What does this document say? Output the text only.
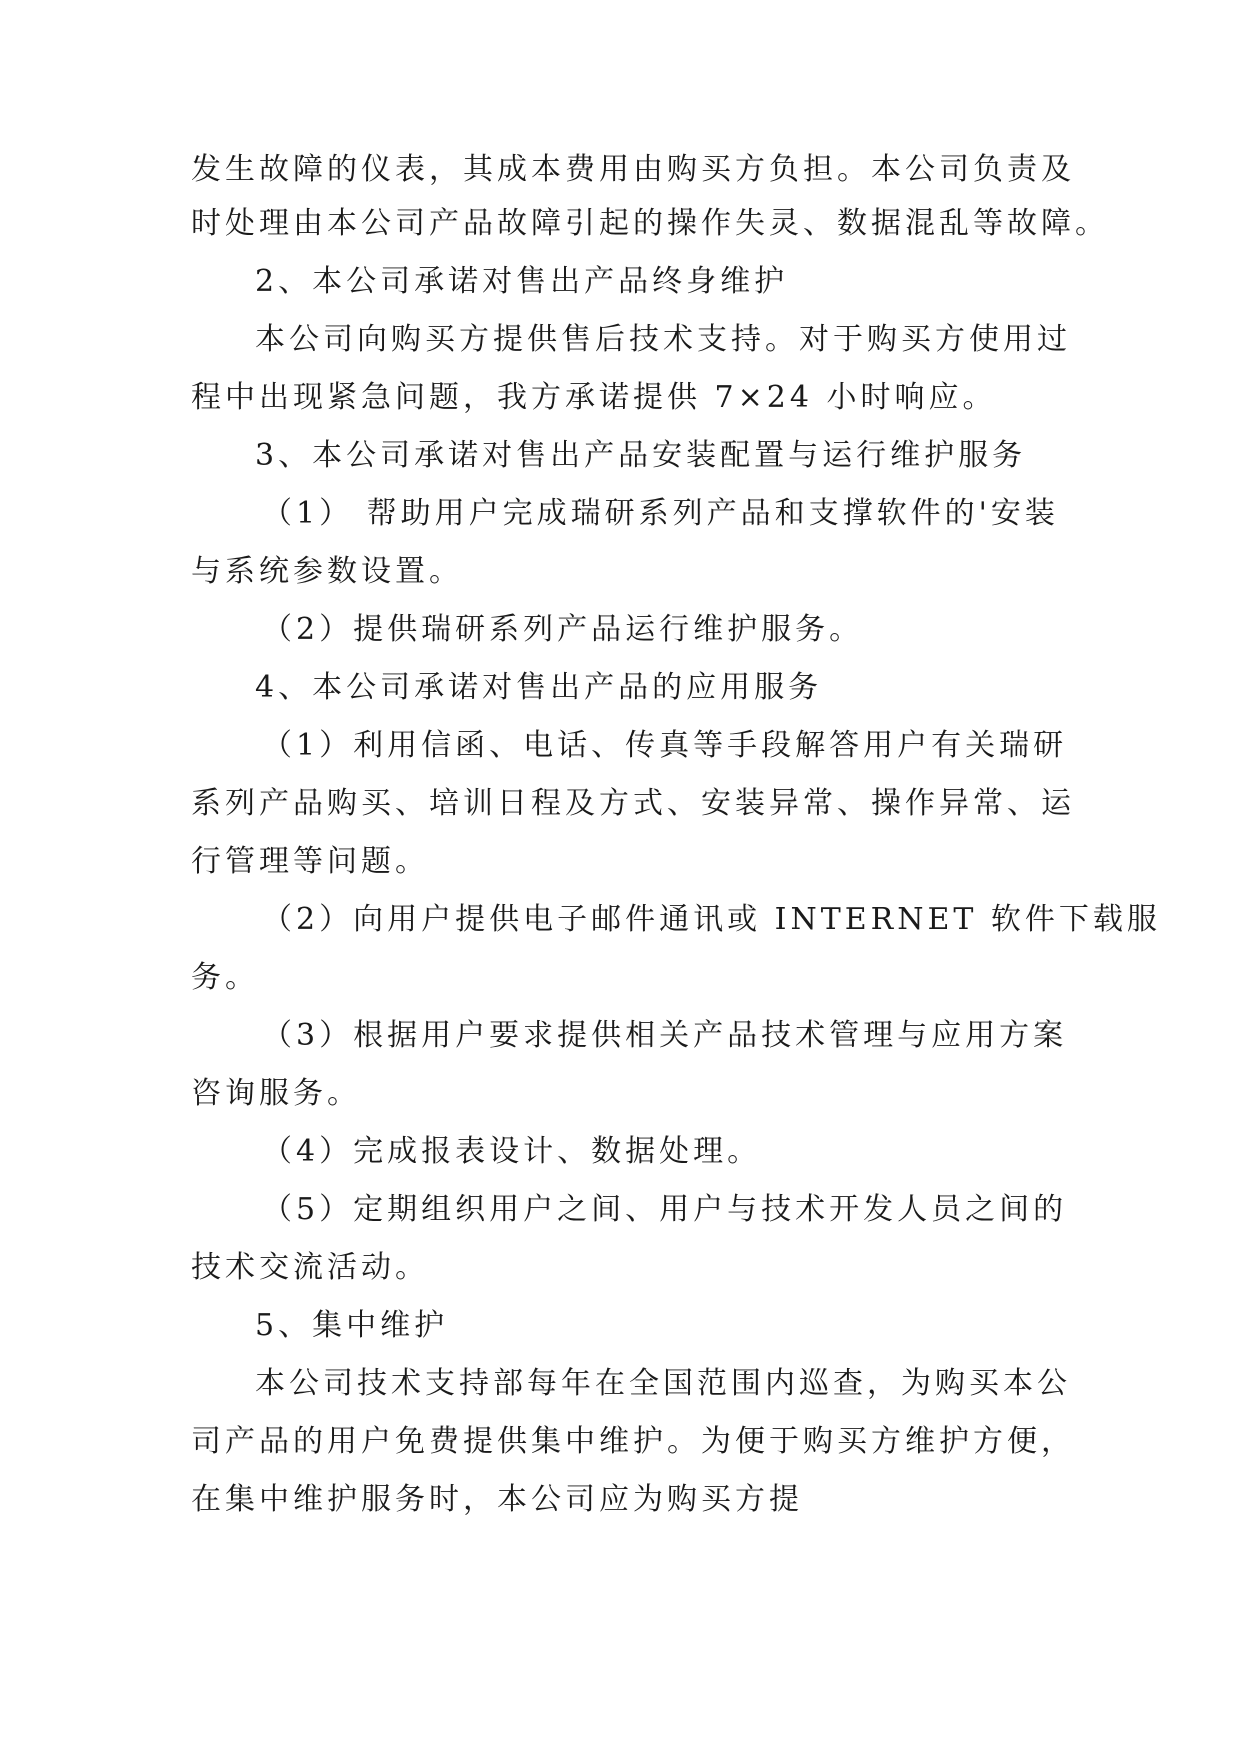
发生故障的仪表，其成本费用由购买方负担。本公司负责及
时处理由本公司产品故障引起的操作失灵、数据混乱等故障。
2、本公司承诺对售出产品终身维护
本公司向购买方提供售后技术支持。对于购买方使用过
程中出现紧急问题，我方承诺提供 7×24 小时响应。
3、本公司承诺对售出产品安装配置与运行维护服务
（1） 帮助用户完成瑞研系列产品和支撑软件的'安装
与系统参数设置。
（2）提供瑞研系列产品运行维护服务。
4、本公司承诺对售出产品的应用服务
（1）利用信函、电话、传真等手段解答用户有关瑞研
系列产品购买、培训日程及方式、安装异常、操作异常、运
行管理等问题。
（2）向用户提供电子邮件通讯或 INTERNET 软件下载服
务。
（3）根据用户要求提供相关产品技术管理与应用方案
咨询服务。
（4）完成报表设计、数据处理。
（5）定期组织用户之间、用户与技术开发人员之间的
技术交流活动。
5、集中维护
本公司技术支持部每年在全国范围内巡查，为购买本公
司产品的用户免费提供集中维护。为便于购买方维护方便，
在集中维护服务时，本公司应为购买方提
